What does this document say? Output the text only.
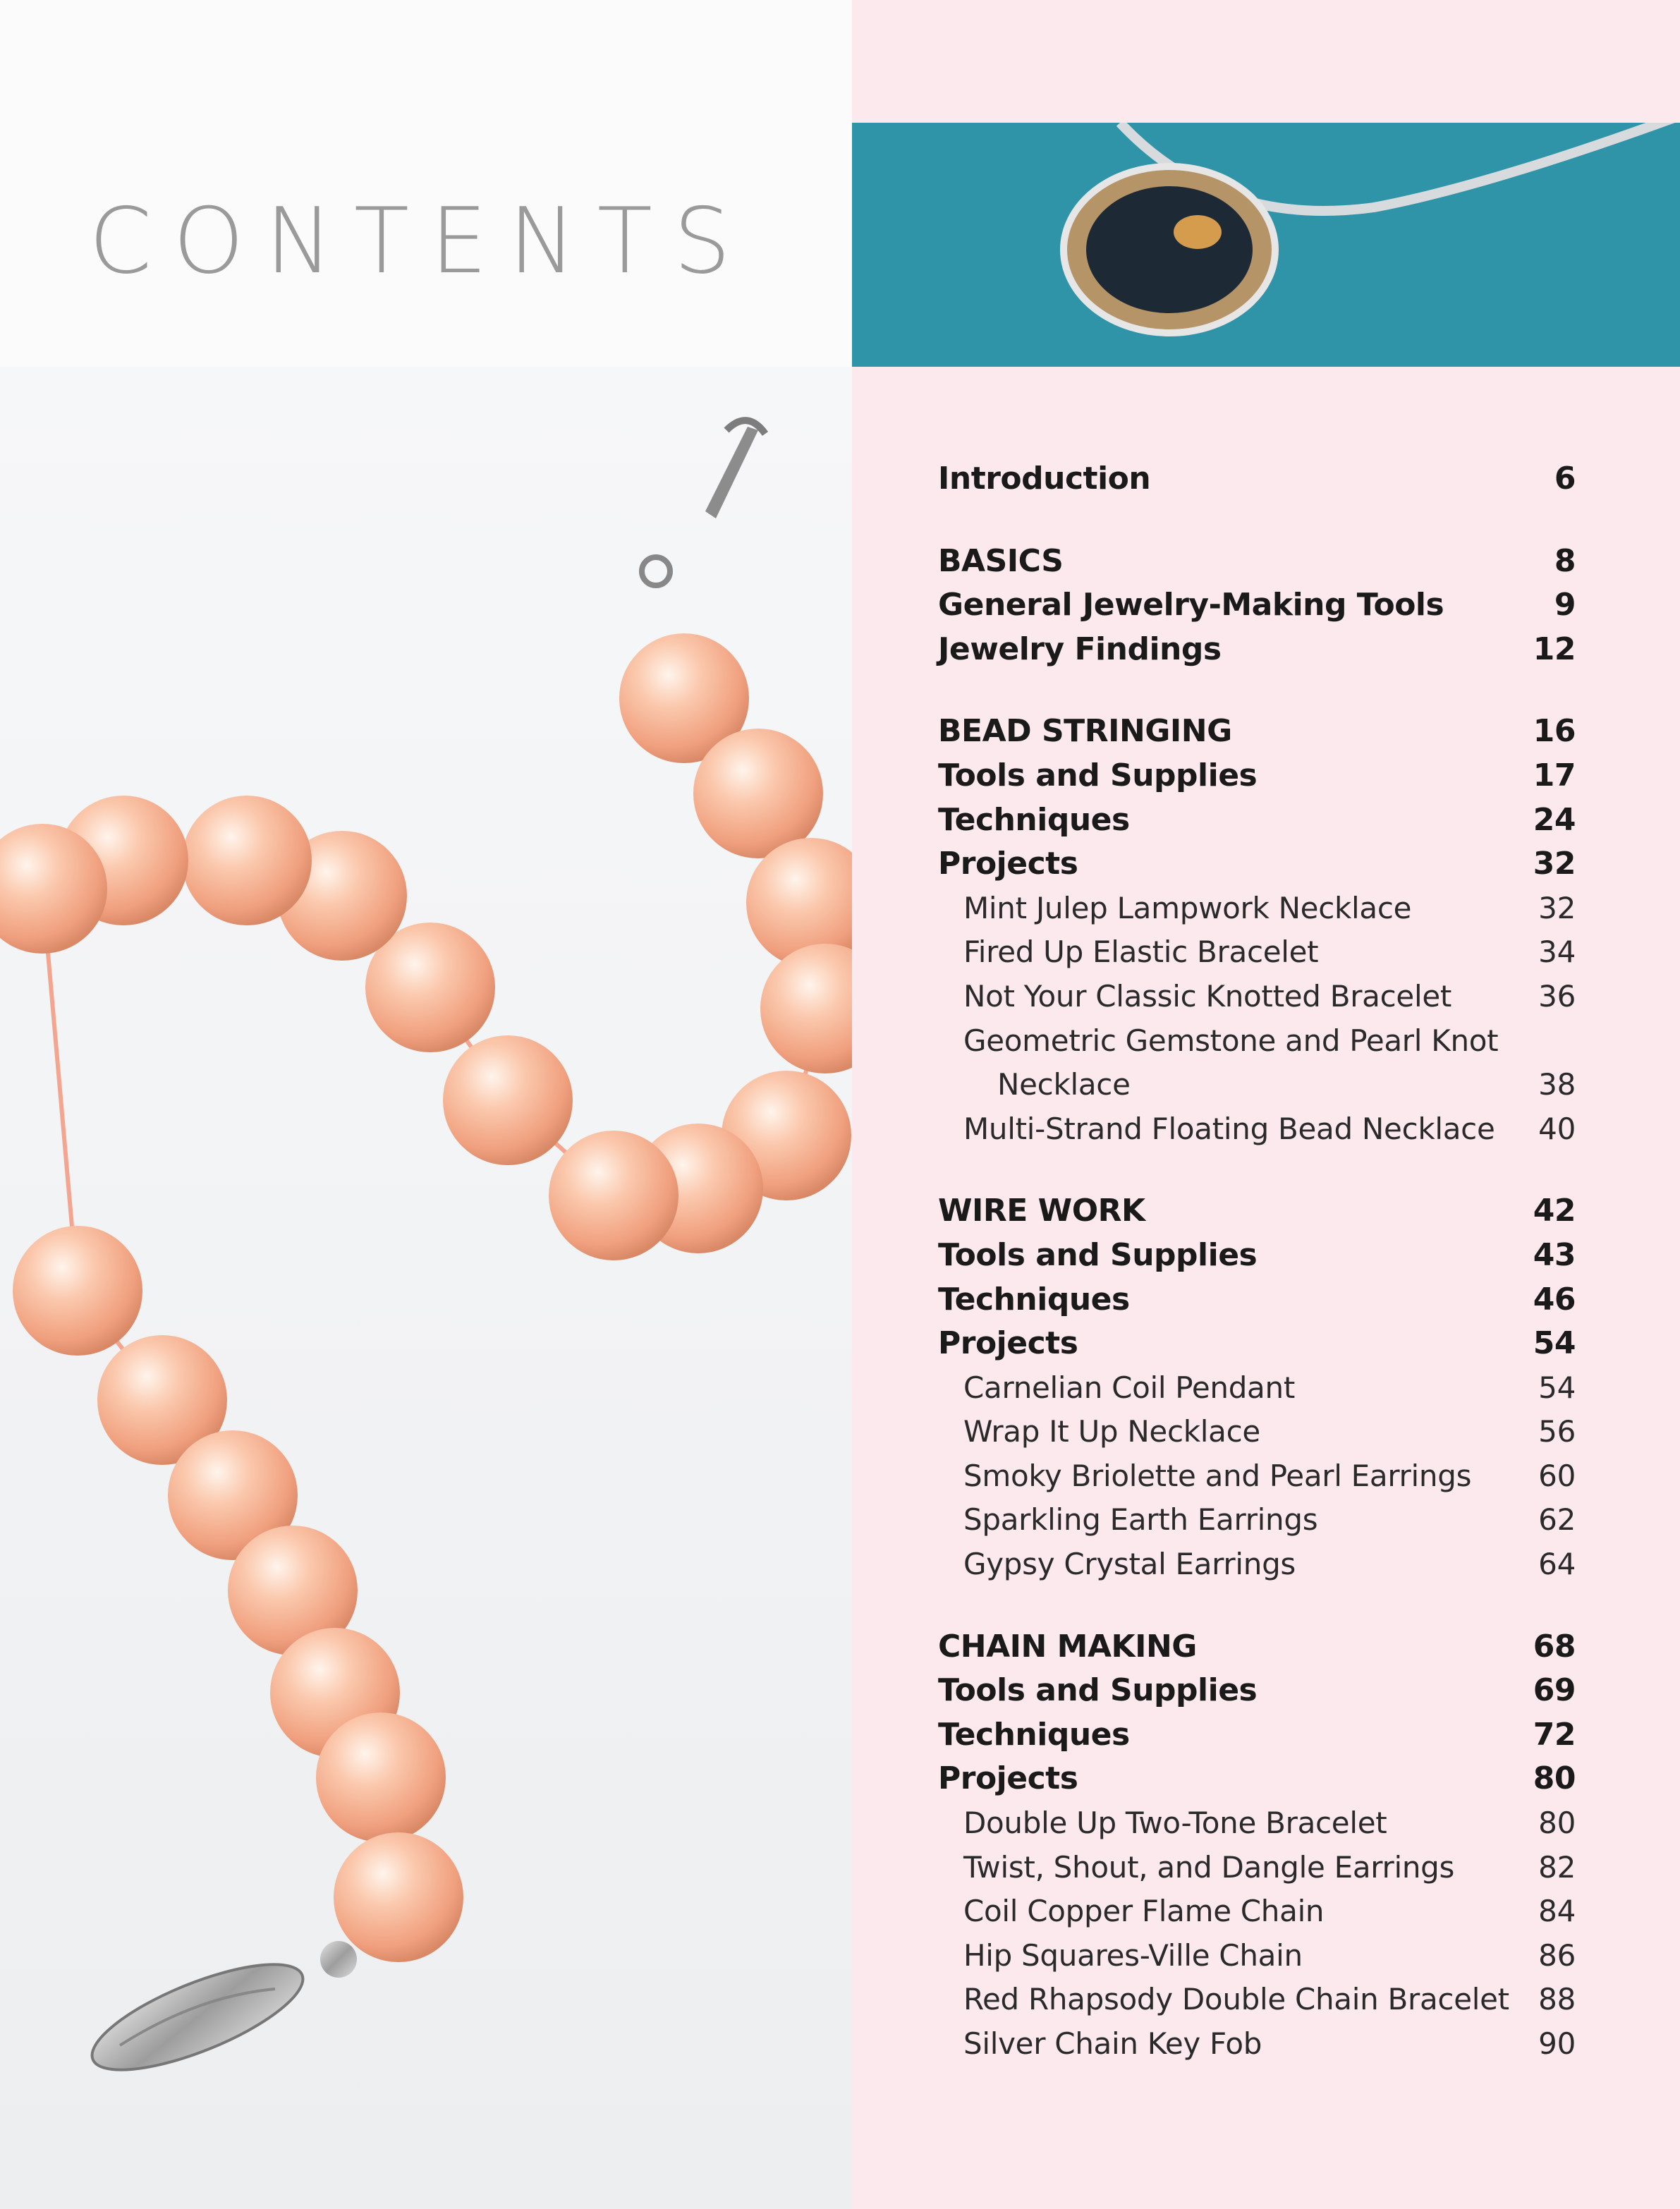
CONTENTS
Introduction	6
BASICS	8
General Jewelry-Making Tools	9
Jewelry Findings	12
BEAD STRINGING	16
Tools and Supplies	17
Techniques	24
Projects	32
Mint Julep Lampwork Necklace	32
Fired Up Elastic Bracelet	34
Not Your Classic Knotted Bracelet	36
Geometric Gemstone and Pearl Knot
Necklace	38
Multi-Strand Floating Bead Necklace	40
WIRE WORK	42
Tools and Supplies	43
Techniques	46
Projects	54
Carnelian Coil Pendant	54
Wrap It Up Necklace	56
Smoky Briolette and Pearl Earrings	60
Sparkling Earth Earrings	62
Gypsy Crystal Earrings	64
CHAIN MAKING	68
Tools and Supplies	69
Techniques	72
Projects	80
Double Up Two-Tone Bracelet	80
Twist, Shout, and Dangle Earrings	82
Coil Copper Flame Chain	84
Hip Squares-Ville Chain	86
Red Rhapsody Double Chain Bracelet 88
Silver Chain Key Fob	90
